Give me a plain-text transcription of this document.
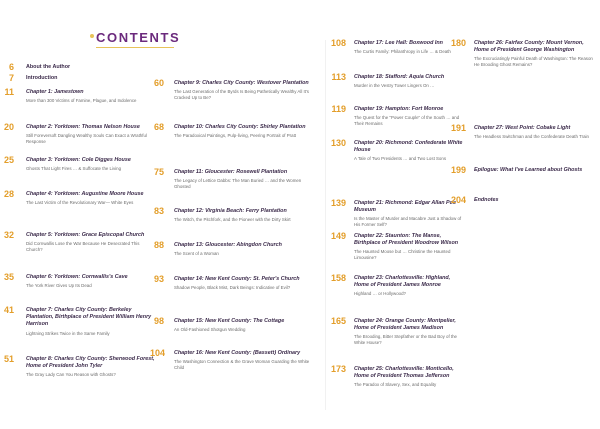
CONTENTS
6 About the Author
7 Introduction
11 Chapter 1: Jamestown
More than 300 Victims of Famine, Plague, and Indolence
20 Chapter 2: Yorktown: Thomas Nelson House
Still Foreversoft Dangling Wealthy Souls Can Exact a Wrathful Response
25 Chapter 3: Yorktown: Cole Digges House
Ghosts That Light Fires … & Suffocate the Living
28 Chapter 4: Yorktown: Augustine Moore House
The Last Victim of the Revolutionary War— White Eyes
32 Chapter 5: Yorktown: Grace Episcopal Church
Did Cornwallis Lose the War Because He Desecrated This Church?
35 Chapter 6: Yorktown: Cornwallis's Cave
The York River Gives Up Its Dead
41 Chapter 7: Charles City County: Berkeley Plantation, Birthplace of President William Henry Harrison
Lightning Strikes Twice in the Same Family
51 Chapter 8: Charles City County: Sherwood Forest, Home of President John Tyler
The Gray Lady Can You Reason with Ghosts?
60 Chapter 9: Charles City County: Westover Plantation
The Last Generation of the Byrds Is Being Pathetically Wealthy All It's Cracked Up to Be?
68 Chapter 10: Charles City County: Shirley Plantation
The Paradoxical Paintings, Pulp-living, Peering Portrait of Pratt
75 Chapter 11: Gloucester: Rosewell Plantation
The Legacy of Lettice Dabbs: The Man Buried … and the Women Ghosted
83 Chapter 12: Virginia Beach: Ferry Plantation
The Witch, the Pitchfork, and the Pioneer with the Dirty Skirt
88 Chapter 13: Gloucester: Abingdon Church
The Scent of a Woman
93 Chapter 14: New Kent County: St. Peter's Church
Shadow People, Black Mist, Dark Beings: Indicative of Evil?
98 Chapter 15: New Kent County: The Cottage
An Old-Fashioned Shotgun Wedding
104 Chapter 16: New Kent County: (Bassett) Ordinary
The Washington Connection & the Grave Woman Guarding the White Child
108 Chapter 17: Lee Hall: Boxwood Inn
The Curtis Family: Philanthropy in Life … & Death
113 Chapter 18: Stafford: Aquia Church
Murder in the Vestry Tower Lingers On …
119 Chapter 19: Hampton: Fort Monroe
The Quest for the "Power Couple" of the South … and Their Remains
130 Chapter 20: Richmond: Confederate White House
A Tale of Two Presidents … and Two Lost Sons
139 Chapter 21: Richmond: Edgar Allan Poe Museum
Is the Master of Murder and Macabre Just a Shadow of His Former Self?
149 Chapter 22: Staunton: The Manse, Birthplace of President Woodrow Wilson
The Haunted Moose but … Christine the Haunted Limousine?
158 Chapter 23: Charlottesville: Highland, Home of President James Monroe
Highland … or Hollywood?
165 Chapter 24: Orange County: Montpelier, Home of President James Madison
The Brooding, Bitter Stepfather or the Bad Boy of the White House?
173 Chapter 25: Charlottesville: Monticello, Home of President Thomas Jefferson
The Paradox of Slavery, Sex, and Equality
180 Chapter 26: Fairfax County: Mount Vernon, Home of President George Washington
The Excruciatingly Painful Death of Washington: The Reason He Brooding Ghost Remains?
191 Chapter 27: West Point: Cobake Light
The Headless Switchman and the Confederate Death Train
199 Epilogue: What I've Learned about Ghosts
204 Endnotes
